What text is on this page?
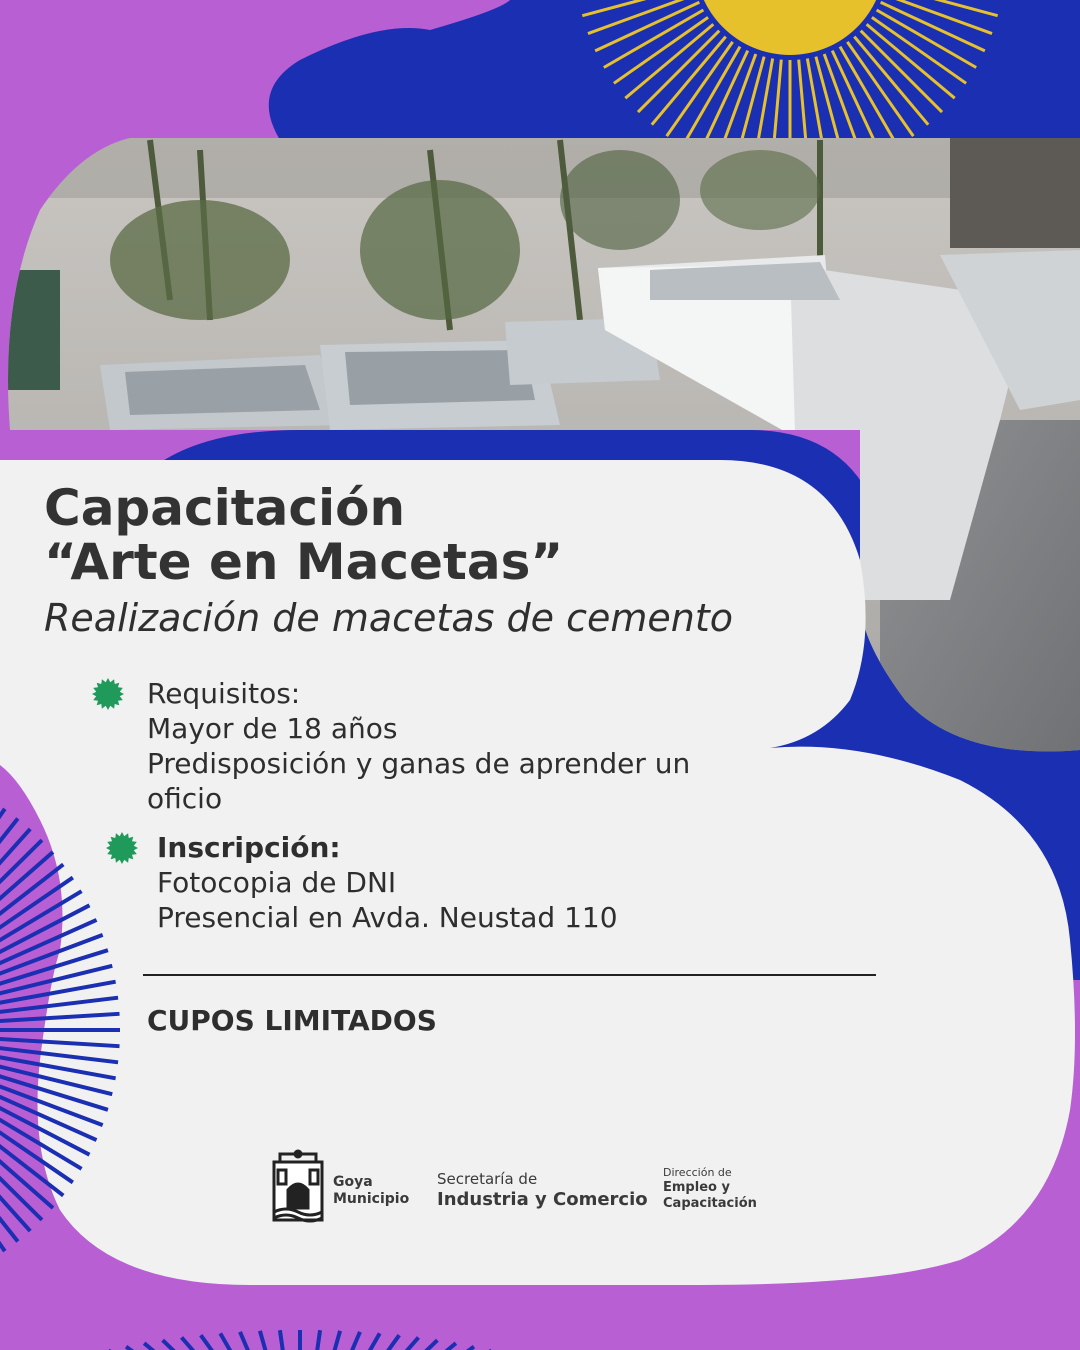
Capacitación
“Arte en Macetas”
Realización de macetas de cemento
Requisitos:
Mayor de 18 años
Predisposición y ganas de aprender un
oficio
Inscripción:
Fotocopia de DNI
Presencial en Avda. Neustad 110
CUPOS LIMITADOS
Goya
Municipio
Secretaría de
Industria y Comercio
Dirección de
Empleo y
Capacitación
